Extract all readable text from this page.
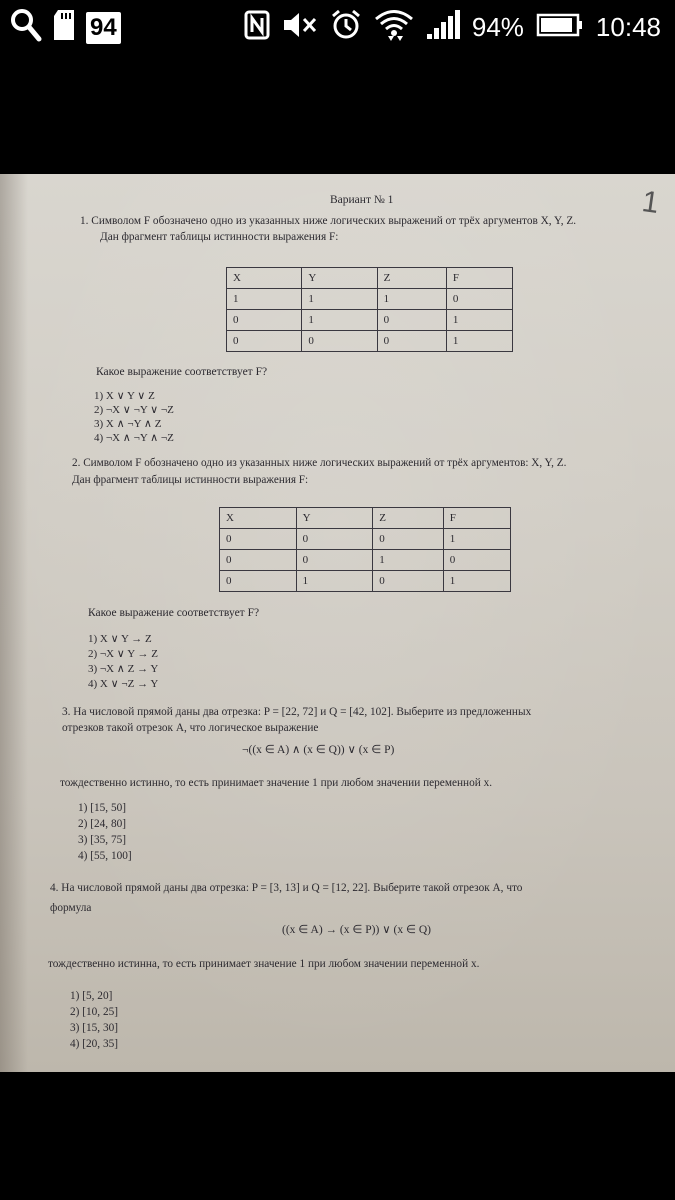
94	94%	10:48
1
Вариант № 1
1. Символом F обозначено одно из указанных ниже логических выражений от трёх аргументов X, Y, Z.
Дан фрагмент таблицы истинности выражения F:
X	Y	Z	F
1	1	1	0
0	1	0	1
0	0	0	1
Какое выражение соответствует F?
1) X ∨ Y ∨ Z
2) ¬X ∨ ¬Y ∨ ¬Z
3) X ∧ ¬Y ∧ Z
4) ¬X ∧ ¬Y ∧ ¬Z
2. Символом F обозначено одно из указанных ниже логических выражений от трёх аргументов: X, Y, Z.
Дан фрагмент таблицы истинности выражения F:
X	Y	Z	F
0	0	0	1
0	0	1	0
0	1	0	1
Какое выражение соответствует F?
1) X ∨ Y → Z
2) ¬X ∨ Y → Z
3) ¬X ∧ Z → Y
4) X ∨ ¬Z → Y
3. На числовой прямой даны два отрезка: P = [22, 72] и Q = [42, 102]. Выберите из предложенных
отрезков такой отрезок A, что логическое выражение
¬((x ∈ A) ∧ (x ∈ Q)) ∨ (x ∈ P)
тождественно истинно, то есть принимает значение 1 при любом значении переменной x.
1) [15, 50]
2) [24, 80]
3) [35, 75]
4) [55, 100]
4. На числовой прямой даны два отрезка: P = [3, 13] и Q = [12, 22]. Выберите такой отрезок A, что
формула
((x ∈ A) → (x ∈ P)) ∨ (x ∈ Q)
тождественно истинна, то есть принимает значение 1 при любом значении переменной x.
1) [5, 20]
2) [10, 25]
3) [15, 30]
4) [20, 35]
